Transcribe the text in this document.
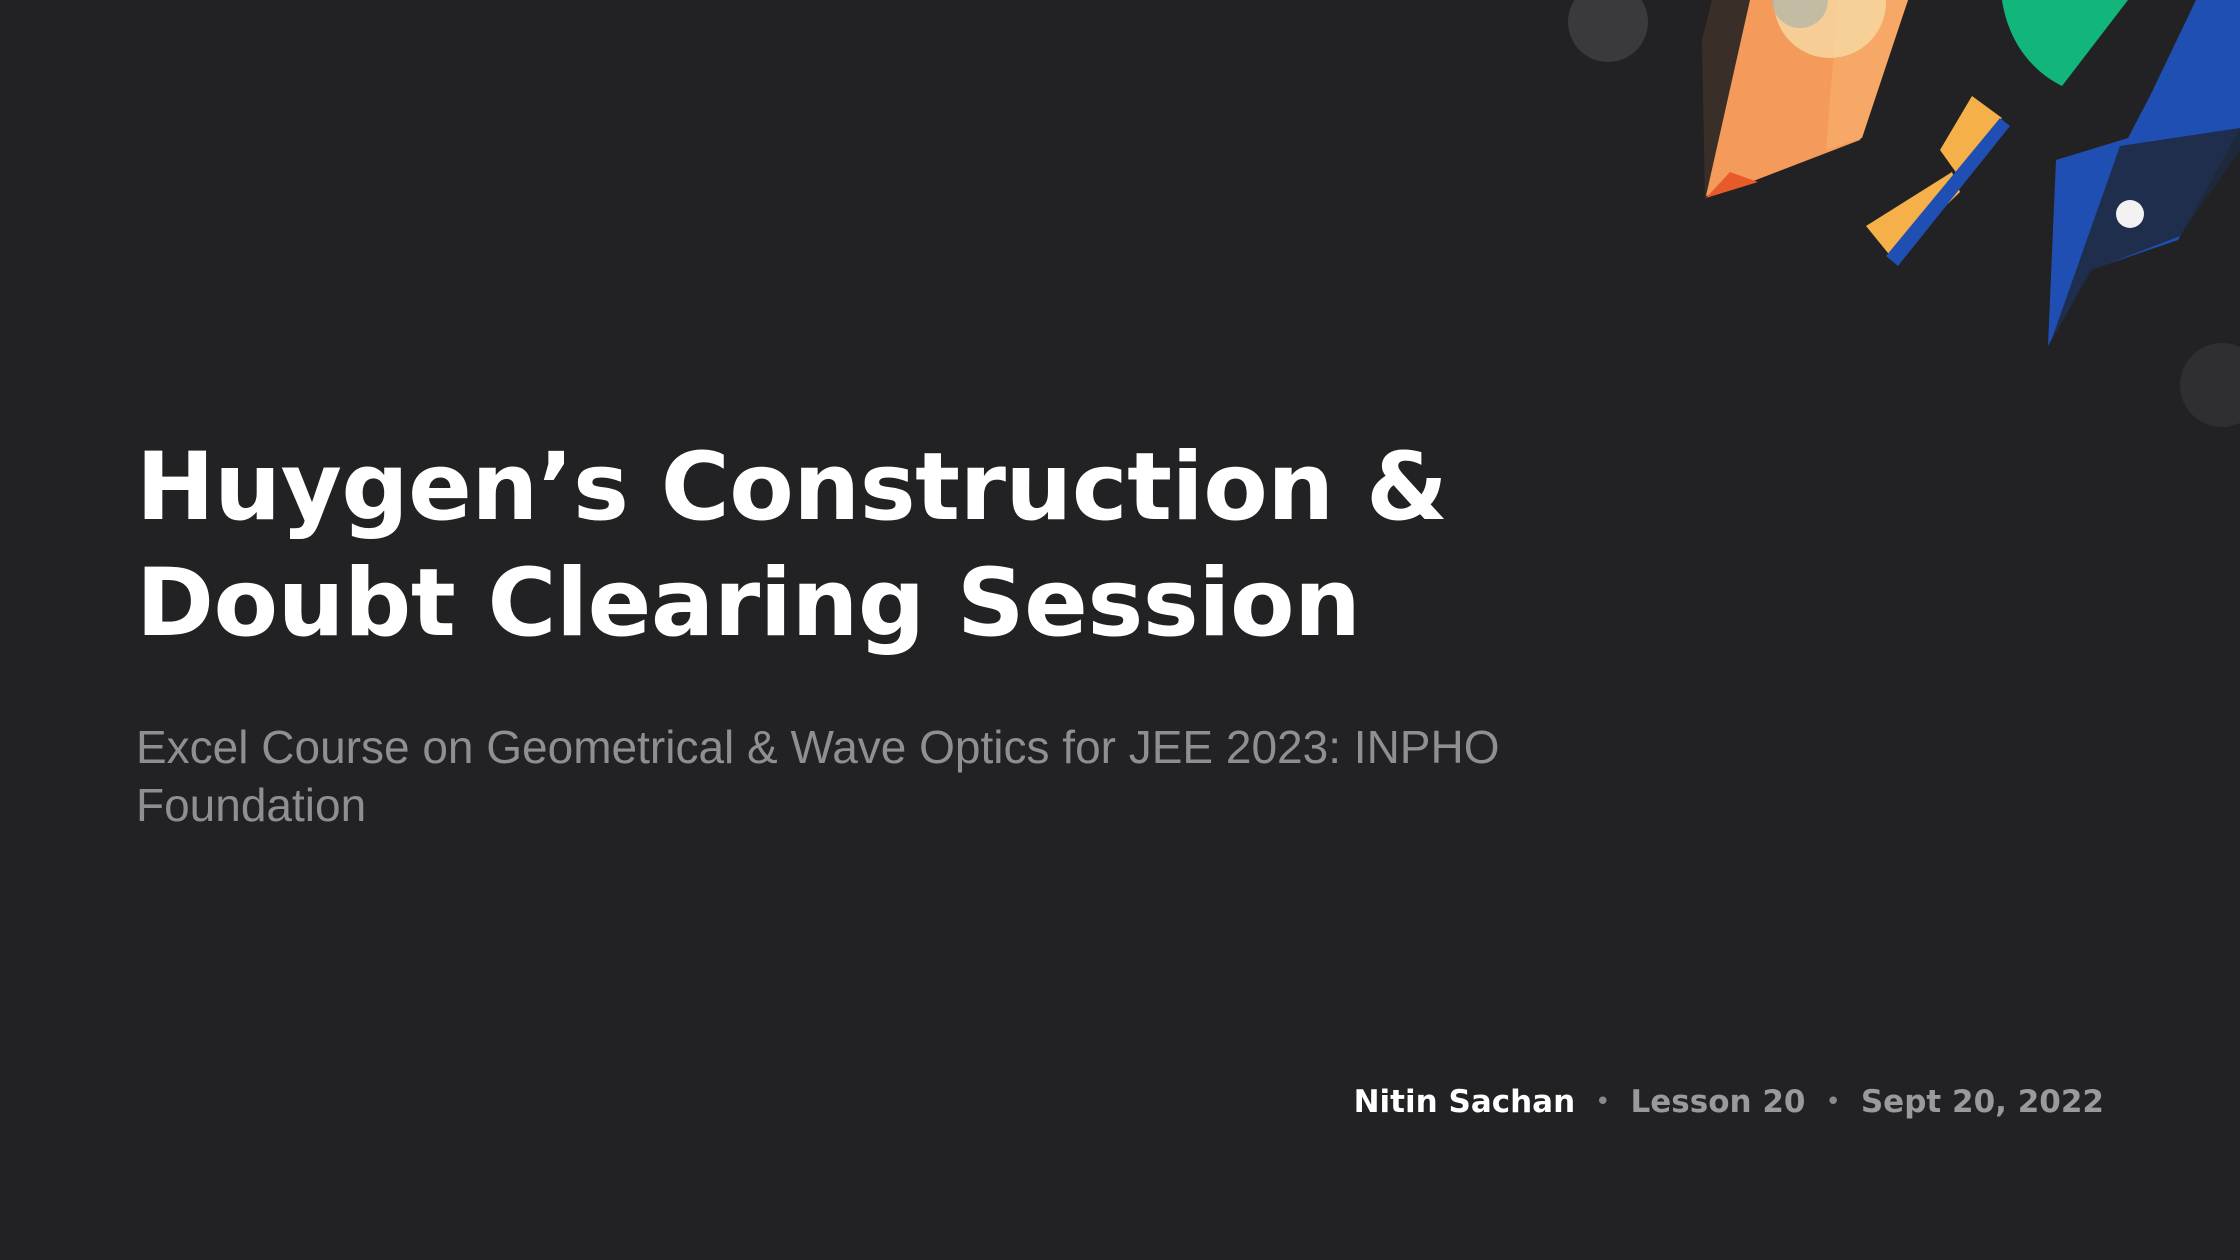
Huygen’s Construction & Doubt Clearing Session

Excel Course on Geometrical & Wave Optics for JEE 2023: INPHO Foundation

Nitin Sachan • Lesson 20 • Sept 20, 2022
